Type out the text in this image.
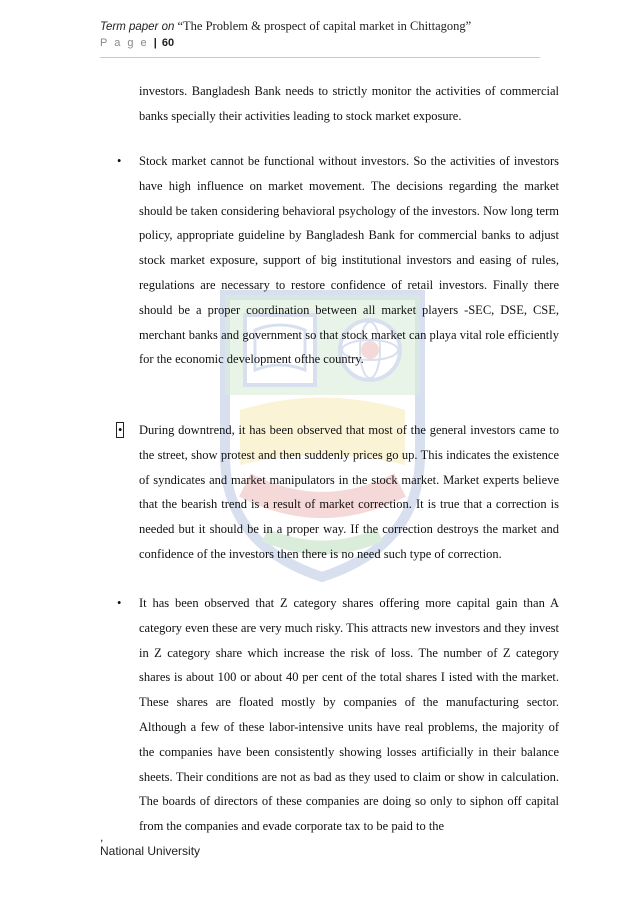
Term paper on “The Problem & prospect of capital market in Chittagong”
P a g e | 60
investors. Bangladesh Bank needs to strictly monitor the activities of commercial banks specially their activities leading to stock market exposure.
• Stock market cannot be functional without investors. So the activities of investors have high influence on market movement. The decisions regarding the market should be taken considering behavioral psychology of the investors. Now long term policy, appropriate guideline by Bangladesh Bank for commercial banks to adjust stock market exposure, support of big institutional investors and easing of rules, regulations are necessary to restore confidence of retail investors. Finally there should be a proper coordination between all market players -SEC, DSE, CSE, merchant banks and government so that stock market can playa vital role efficiently for the economic development ofthe country.
• During downtrend, it has been observed that most of the general investors came to the street, show protest and then suddenly prices go up. This indicates the existence of syndicates and market manipulators in the stock market. Market experts believe that the bearish trend is a result of market correction. It is true that a correction is needed but it should be in a proper way. If the correction destroys the market and confidence of the investors then there is no need such type of correction.
• It has been observed that Z category shares offering more capital gain than A category even these are very much risky. This attracts new investors and they invest in Z category share which increase the risk of loss. The number of Z category shares is about 100 or about 40 per cent of the total shares I isted with the market. These shares are floated mostly by companies of the manufacturing sector. Although a few of these labor-intensive units have real problems, the majority of the companies have been consistently showing losses artificially in their balance sheets. Their conditions are not as bad as they used to claim or show in calculation. The boards of directors of these companies are doing so only to siphon off capital from the companies and evade corporate tax to be paid to the
,
National University
